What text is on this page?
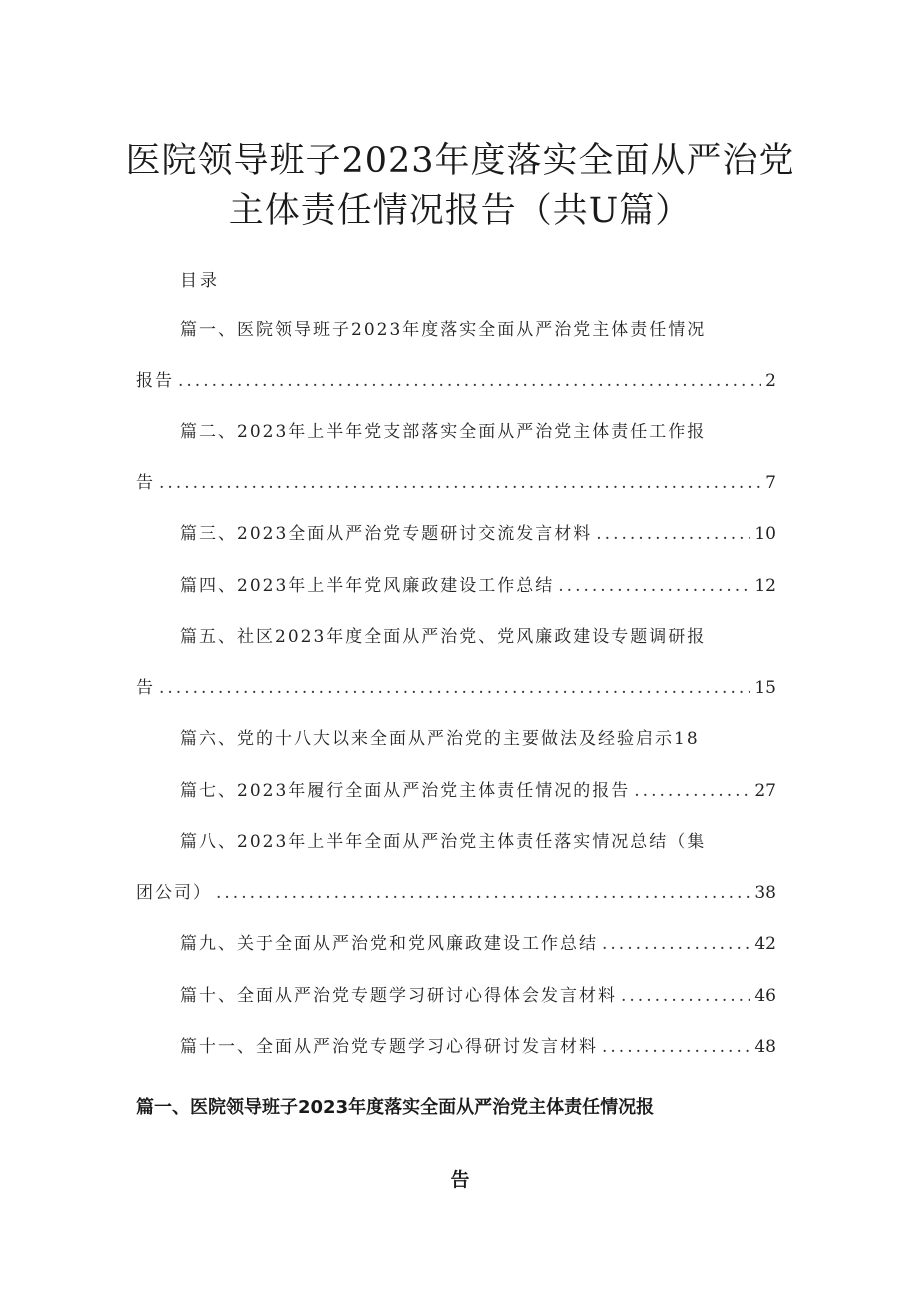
医院领导班子2023年度落实全面从严治党
主体责任情况报告（共U篇）
目录
篇一、医院领导班子2023年度落实全面从严治党主体责任情况
报告 .....	2
篇二、2023年上半年党支部落实全面从严治党主体责任工作报
告 .....	7
篇三、2023全面从严治党专题研讨交流发言材料 .....	10
篇四、2023年上半年党风廉政建设工作总结 .....	12
篇五、社区2023年度全面从严治党、党风廉政建设专题调研报
告 .....	15
篇六、党的十八大以来全面从严治党的主要做法及经验启示18
篇七、2023年履行全面从严治党主体责任情况的报告 .....	27
篇八、2023年上半年全面从严治党主体责任落实情况总结（集
团公司） .....	38
篇九、关于全面从严治党和党风廉政建设工作总结 .....	42
篇十、全面从严治党专题学习研讨心得体会发言材料 .....	46
篇十一、全面从严治党专题学习心得研讨发言材料 .....	48
篇一、医院领导班子2023年度落实全面从严治党主体责任情况报
告
